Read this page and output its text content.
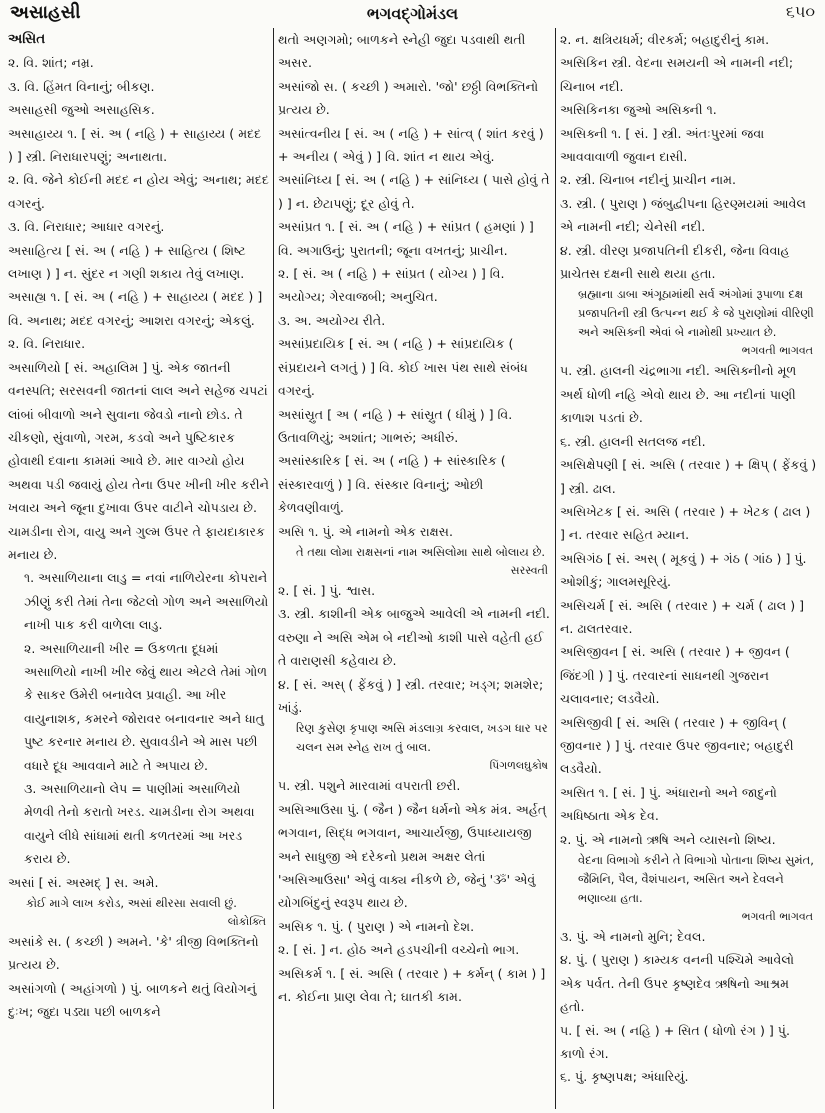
અસાહસી	ભગવદ્ગોમંડલ	૬૫૦
અસિત
૨. વિ. શાંત; નમ્ર.
૩. વિ. હિંમત વિનાનું; બીકણ.
અસાહસી જુઓ અસાહસિક.
અસાહાય્ય ૧. [ સં. અ ( નહિ ) + સાહાય્ય ( મદદ ) ] સ્ત્રી. નિરાધારપણું; અનાથતા.
૨. વિ. જેને કોઈની મદદ ન હોય એવું; અનાથ; મદદ વગરનું.
૩. વિ. નિરાધાર; આધાર વગરનું.
અસાહિત્ય [ સં. અ ( નહિ ) + સાહિત્ય ( શિષ્ટ લખાણ ) ] ન. સુંદર ન ગણી શકાય તેવું લખાણ.
અસાહ્ય ૧. [ સં. અ ( નહિ ) + સાહાય્ય ( મદદ ) ] વિ. અનાથ; મદદ વગરનું; આશરા વગરનું; એકલું.
૨. વિ. નિરાધાર.
અસાળિયો [ સં. અહાલિમ ] પું. એક જાતની વનસ્પતિ; સરસવની જાતનાં લાલ અને સહેજ ચપટાં લાંબાં બીવાળો અને સુવાના જેવડો નાનો છોડ. તે ચીકણો, સુંવાળો, ગરમ, કડવો અને પુષ્ટિકારક હોવાથી દવાના કામમાં આવે છે. માર વાગ્યો હોય અથવા પડી જવાયું હોય તેના ઉપર ખીની ખીર કરીને ખવાય અને જૂના દુખાવા ઉપર વાટીને ચોપડાય છે. ચામડીના રોગ, વાયુ અને ગુલ્મ ઉપર તે ફાયદાકારક મનાય છે.
૧. અસાળિયાના લાડુ = નવાં નાળિયેરના કોપરાને ઝીણું કરી તેમાં તેના જેટલો ગોળ અને અસાળિયો નાખી પાક કરી વાળેલા લાડુ.
૨. અસાળિયાની ખીર = ઉકળતા દૂધમાં અસાળિયો નાખી ખીર જેવું થાય એટલે તેમાં ગોળ કે સાકર ઉમેરી બનાવેલ પ્રવાહી. આ ખીર વાયુનાશક, કમરને જોરાવર બનાવનાર અને ધાતુ પુષ્ટ કરનાર મનાય છે. સુવાવડીને એ માસ પછી વધારે દૂધ આવવાને માટે તે અપાય છે.
૩. અસાળિયાનો લેપ = પાણીમાં અસાળિયો મેળવી તેનો કરાતો ખરડ. ચામડીના રોગ અથવા વાયુને લીધે સાંધામાં થતી કળતરમાં આ ખરડ કરાય છે.
અસાં [ સં. અસ્મદ્ ] સ. અમે.
કોઈ માગે લાખ કરોડ, અસાં થીરસા સવાલી છું.
લોકોક્તિ
અસાંકે સ. ( કચ્છી ) અમને. 'કે' ત્રીજી વિભક્તિનો પ્રત્યય છે.
અસાંગળો ( અહાંગળો ) પું. બાળકને થતું વિયોગનું દુઃખ; જુદા પડ્યા પછી બાળકને
થતો અણગમો; બાળકને સ્નેહી જુદા પડવાથી થતી અસર.
અસાંજો સ. ( કચ્છી ) અમારો. 'જો' છઠ્ઠી વિભક્તિનો પ્રત્યય છે.
અસાંત્વનીય [ સં. અ ( નહિ ) + સાંત્વ્ ( શાંત કરવું ) + અનીય ( એવું ) ] વિ. શાંત ન થાય એવું.
અસાંનિધ્ય [ સં. અ ( નહિ ) + સાંનિધ્ય ( પાસે હોવું તે ) ] ન. છેટાપણું; દૂર હોવું તે.
અસાંપ્રત ૧. [ સં. અ ( નહિ ) + સાંપ્રત ( હમણાં ) ] વિ. અગાઉનું; પુરાતની; જૂના વખતનું; પ્રાચીન.
૨. [ સં. અ ( નહિ ) + સાંપ્રત ( યોગ્ય ) ] વિ. અયોગ્ય; ગેરવાજબી; અનુચિત.
૩. અ. અયોગ્ય રીતે.
અસાંપ્રદાયિક [ સં. અ ( નહિ ) + સાંપ્રદાયિક ( સંપ્રદાયને લગતું ) ] વિ. કોઈ ખાસ પંથ સાથે સંબંધ વગરનું.
અસાંસ્રુત [ અ ( નહિ ) + સાંસ્રુત ( ધીમું ) ] વિ. ઉતાવળિયું; અશાંત; ગાભરું; અધીરું.
અસાંસ્કારિક [ સં. અ ( નહિ ) + સાંસ્કારિક ( સંસ્કારવાળું ) ] વિ. સંસ્કાર વિનાનું; ઓછી કેળવણીવાળું.
અસિ ૧. પું. એ નામનો એક રાક્ષસ.
તે તથા લોમા રાક્ષસનાં નામ અસિલોમા સાથે બોલાય છે.
સરસ્વતી
૨. [ સં. ] પું. શ્વાસ.
૩. સ્ત્રી. કાશીની એક બાજુએ આવેલી એ નામની નદી. વરુણા ને અસિ એમ બે નદીઓ કાશી પાસે વહેતી હઈ તે વારાણસી કહેવાય છે.
૪. [ સં. અસ્ ( ફેંકવું ) ] સ્ત્રી. તરવાર; ખડ્ગ; શમશેર; ખાંડું.
રિણ કુસેણ કૃપાણ અસિ મંડલાગ્ર કરવાલ, ખડગ ધાર પર ચલન સમ સ્નેહ રાખ તું બાલ.
પિંગળલઘુકોષ
૫. સ્ત્રી. પશુને મારવામાં વપરાતી છરી.
અસિઆઉસા પું. ( જૈન ) જૈન ધર્મનો એક મંત્ર. અર્હત્ ભગવાન, સિદ્ધ ભગવાન, આચાર્યજી, ઉપાધ્યાયજી અને સાધુજી એ દરેકનો પ્રથમ અક્ષર લેતાં 'અસિઆઉસા' એવું વાક્ય નીકળે છે, જેનું 'ૐ' એવું યોગબિંદુનું સ્વરૂપ થાય છે.
અસિક ૧. પું. ( પુરાણ ) એ નામનો દેશ.
૨. [ સં. ] ન. હોઠ અને હડપચીની વચ્ચેનો ભાગ.
અસિકર્મ ૧. [ સં. અસિ ( તરવાર ) + કર્મન્ ( કામ ) ] ન. કોઈના પ્રાણ લેવા તે; ઘાતકી કામ.
૨. ન. ક્ષત્રિયધર્મ; વીરકર્મ; બહાદુરીનું કામ.
અસિકિન સ્ત્રી. વેદના સમયની એ નામની નદી; ચિનાબ નદી.
અસિકિનકા જુઓ અસિક્ની ૧.
અસિક્ની ૧. [ સં. ] સ્ત્રી. અંતઃપુરમાં જવા આવવાવાળી જુવાન દાસી.
૨. સ્ત્રી. ચિનાબ નદીનું પ્રાચીન નામ.
૩. સ્ત્રી. ( પુરાણ ) જંબુદ્વીપના હિરણ્મયમાં આવેલ એ નામની નદી; ચેનેસી નદી.
૪. સ્ત્રી. વીરણ પ્રજાપતિની દીકરી, જેના વિવાહ પ્રાચેતસ દક્ષની સાથે થયા હતા.
બ્રહ્માના ડાબા અંગૂઠામાંથી સર્વ અંગોમાં રૂપાળા દક્ષ પ્રજાપતિની સ્ત્રી ઉત્પન્ન થઈ કે જે પુરાણોમાં વીરિણી અને અસિક્ની એવાં બે નામોથી પ્રખ્યાત છે.
ભગવતી ભાગવત
૫. સ્ત્રી. હાલની ચંદ્રભાગા નદી. અસિક્નીનો મૂળ અર્થ ધોળી નહિ એવો થાય છે. આ નદીનાં પાણી કાળાશ પડતાં છે.
૬. સ્ત્રી. હાલની સતલજ નદી.
અસિક્ષેપણી [ સં. અસિ ( તરવાર ) + ક્ષિપ્ ( ફેંકવું ) ] સ્ત્રી. ઢાલ.
અસિખેટક [ સં. અસિ ( તરવાર ) + ખેટક ( ઢાલ ) ] ન. તરવાર સહિત મ્યાન.
અસિગંઠ [ સં. અસ્ ( મૂકવું ) + ગંઠ ( ગાંઠ ) ] પું. ઓશીકું; ગાલમસૂરિયું.
અસિચર્મ [ સં. અસિ ( તરવાર ) + ચર્મ ( ઢાલ ) ] ન. ઢાલતરવાર.
અસિજીવન [ સં. અસિ ( તરવાર ) + જીવન ( જિંદગી ) ] પું. તરવારનાં સાધનથી ગુજરાન ચલાવનાર; લડવૈયો.
અસિજીવી [ સં. અસિ ( તરવાર ) + જીવિન્ ( જીવનાર ) ] પું. તરવાર ઉપર જીવનાર; બહાદુરી લડવૈયો.
અસિત ૧. [ સં. ] પું. અંધારાનો અને જાદુનો અધિષ્ઠાતા એક દેવ.
૨. પું. એ નામનો ઋષિ અને વ્યાસનો શિષ્ય.
વેદના વિભાગો કરીને તે વિભાગો પોતાના શિષ્ય સુમંત, જૈમિનિ, પૈલ, વૈશંપાયન, અસિત અને દેવલને ભણાવ્યા હતા.
ભગવતી ભાગવત
૩. પું. એ નામનો મુનિ; દેવલ.
૪. પું. ( પુરાણ ) કામ્યક વનની પશ્ચિમે આવેલો એક પર્વત. તેની ઉપર કૃષ્ણદેવ ઋષિનો આશ્રમ હતો.
૫. [ સં. અ ( નહિ ) + સિત ( ધોળો રંગ ) ] પું. કાળો રંગ.
૬. પું. કૃષ્ણપક્ષ; અંધારિયું.
